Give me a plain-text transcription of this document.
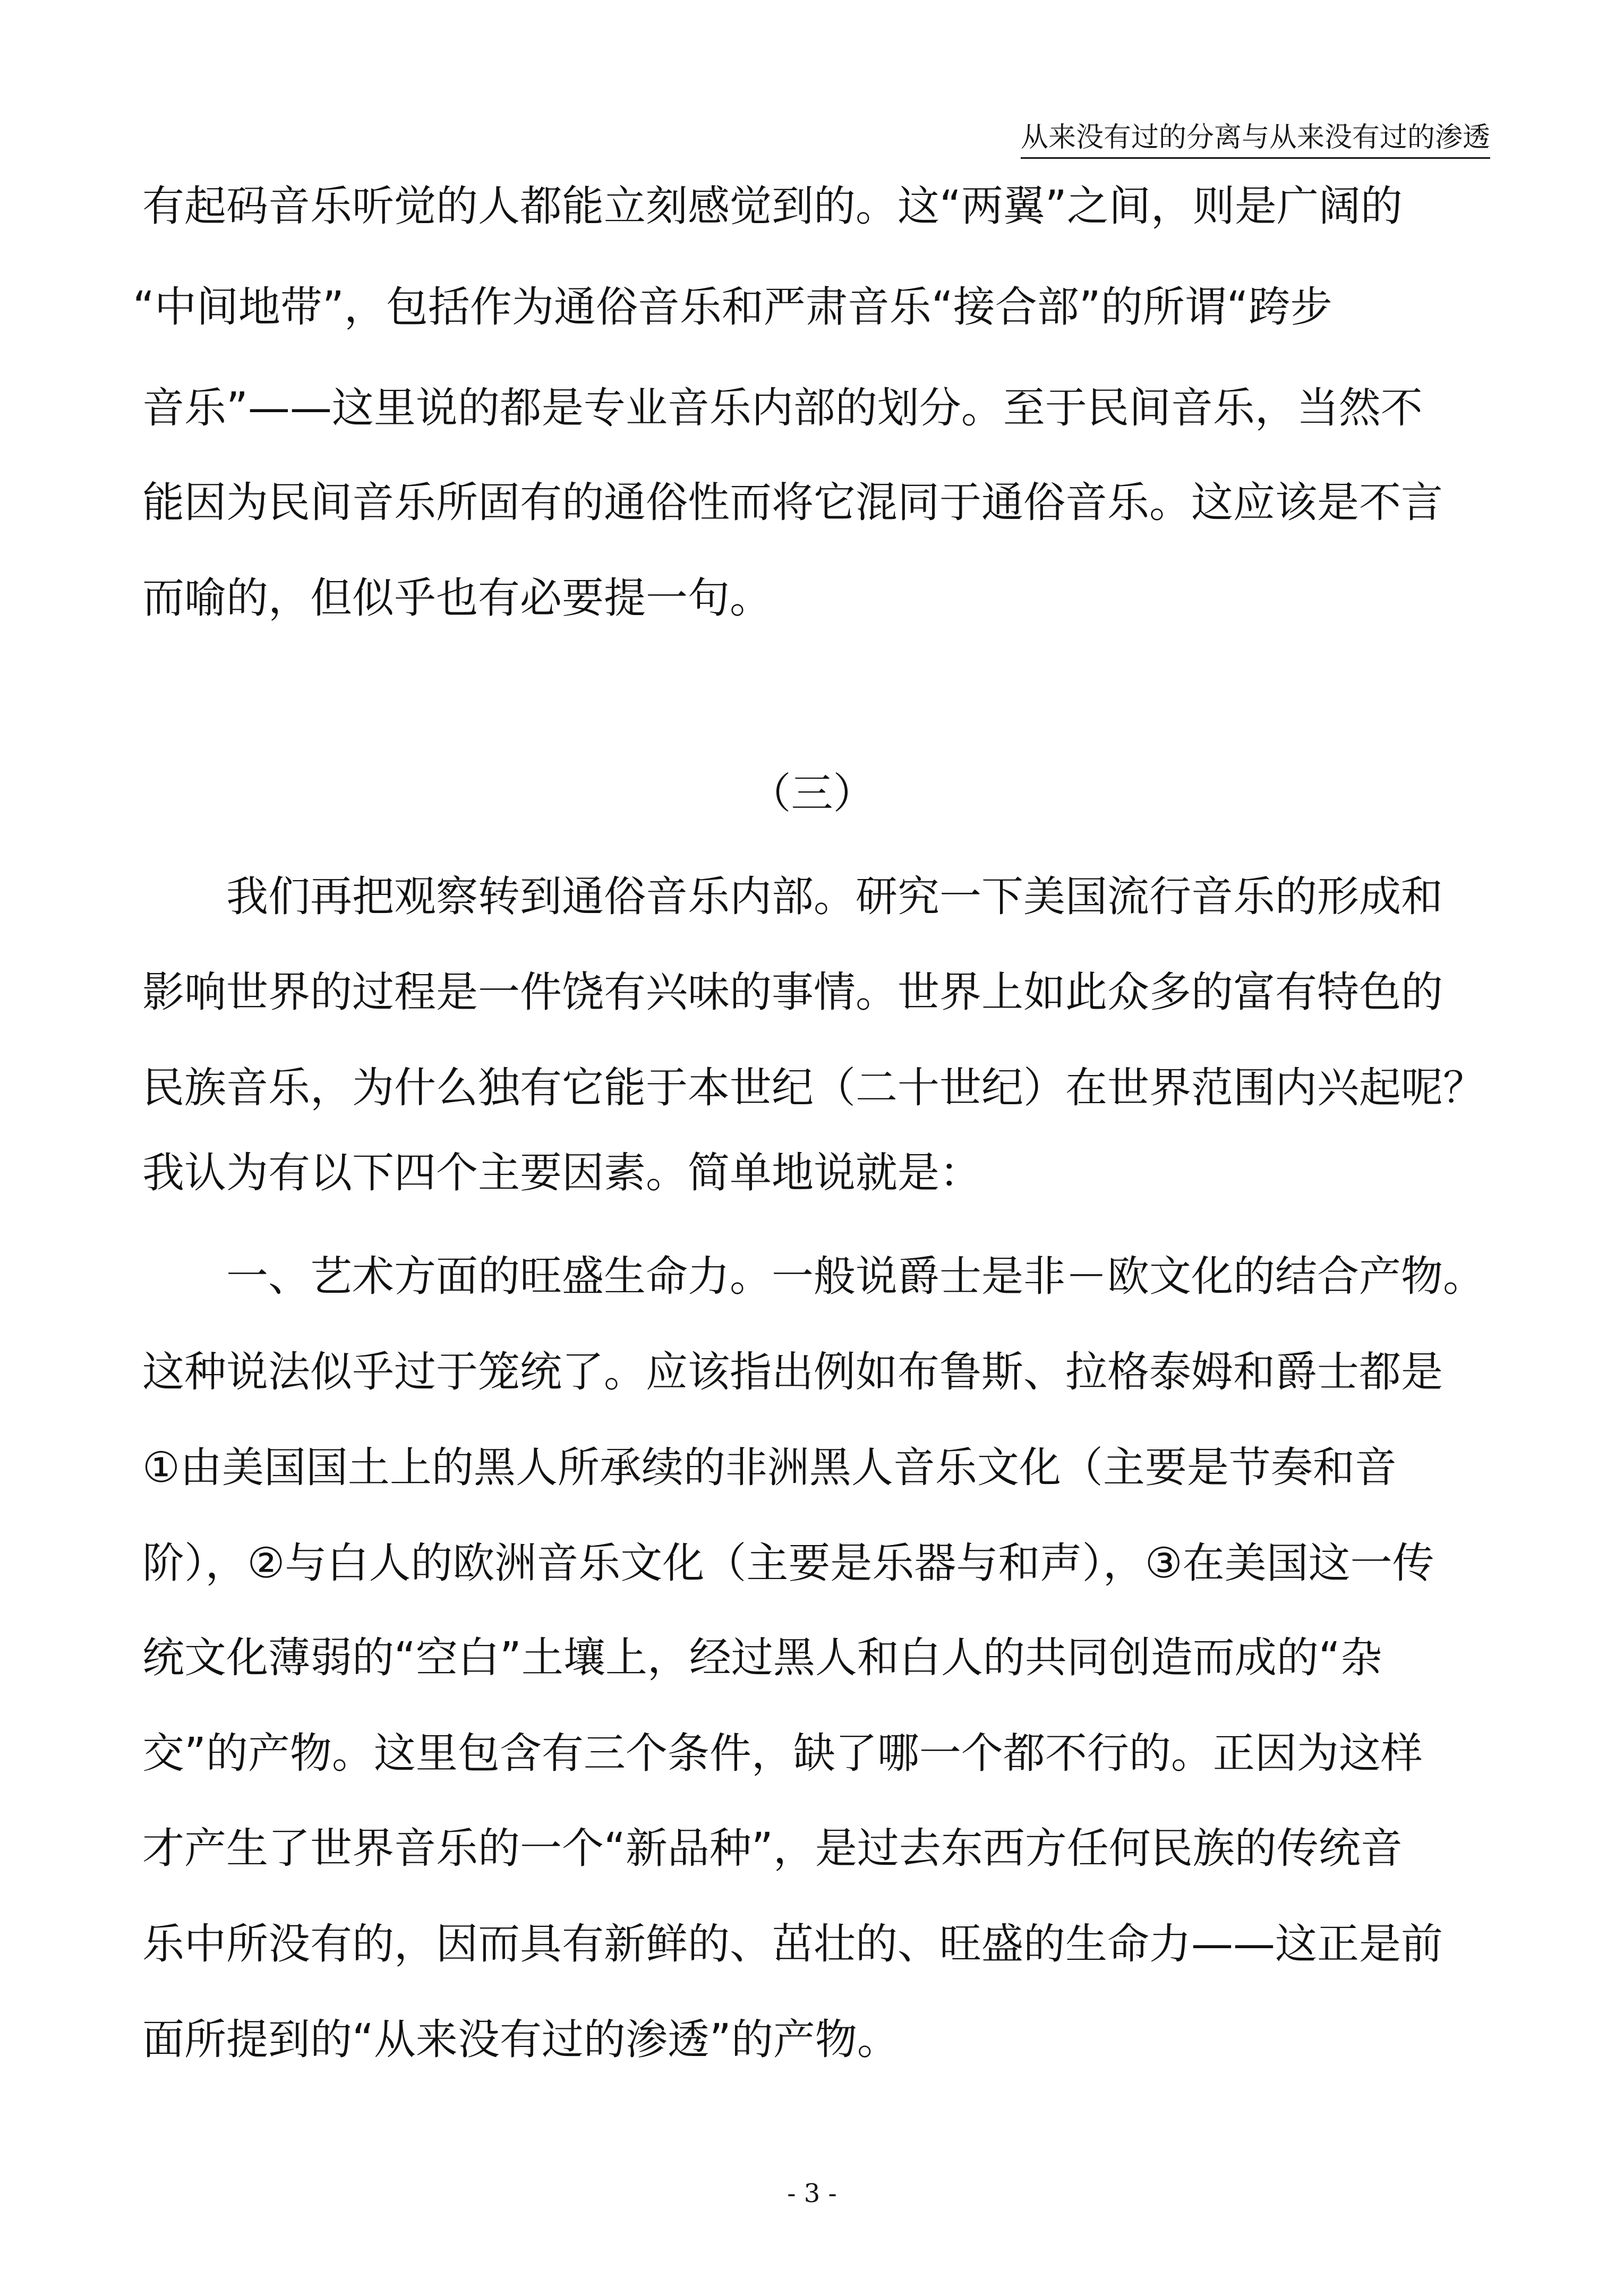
从来没有过的分离与从来没有过的渗透
有起码音乐听觉的人都能立刻感觉到的。这“两翼”之间，则是广阔的
“中间地带”，包括作为通俗音乐和严肃音乐“接合部”的所谓“跨步
音乐”——这里说的都是专业音乐内部的划分。至于民间音乐，当然不
能因为民间音乐所固有的通俗性而将它混同于通俗音乐。这应该是不言
而喻的，但似乎也有必要提一句。
（三）
我们再把观察转到通俗音乐内部。研究一下美国流行音乐的形成和
影响世界的过程是一件饶有兴味的事情。世界上如此众多的富有特色的
民族音乐，为什么独有它能于本世纪（二十世纪）在世界范围内兴起呢？
我认为有以下四个主要因素。简单地说就是：
一、艺术方面的旺盛生命力。一般说爵士是非－欧文化的结合产物。
这种说法似乎过于笼统了。应该指出例如布鲁斯、拉格泰姆和爵士都是
①由美国国土上的黑人所承续的非洲黑人音乐文化（主要是节奏和音
阶），②与白人的欧洲音乐文化（主要是乐器与和声），③在美国这一传
统文化薄弱的“空白”土壤上，经过黑人和白人的共同创造而成的“杂
交”的产物。这里包含有三个条件，缺了哪一个都不行的。正因为这样
才产生了世界音乐的一个“新品种”，是过去东西方任何民族的传统音
乐中所没有的，因而具有新鲜的、茁壮的、旺盛的生命力——这正是前
面所提到的“从来没有过的渗透”的产物。
- 3 -
